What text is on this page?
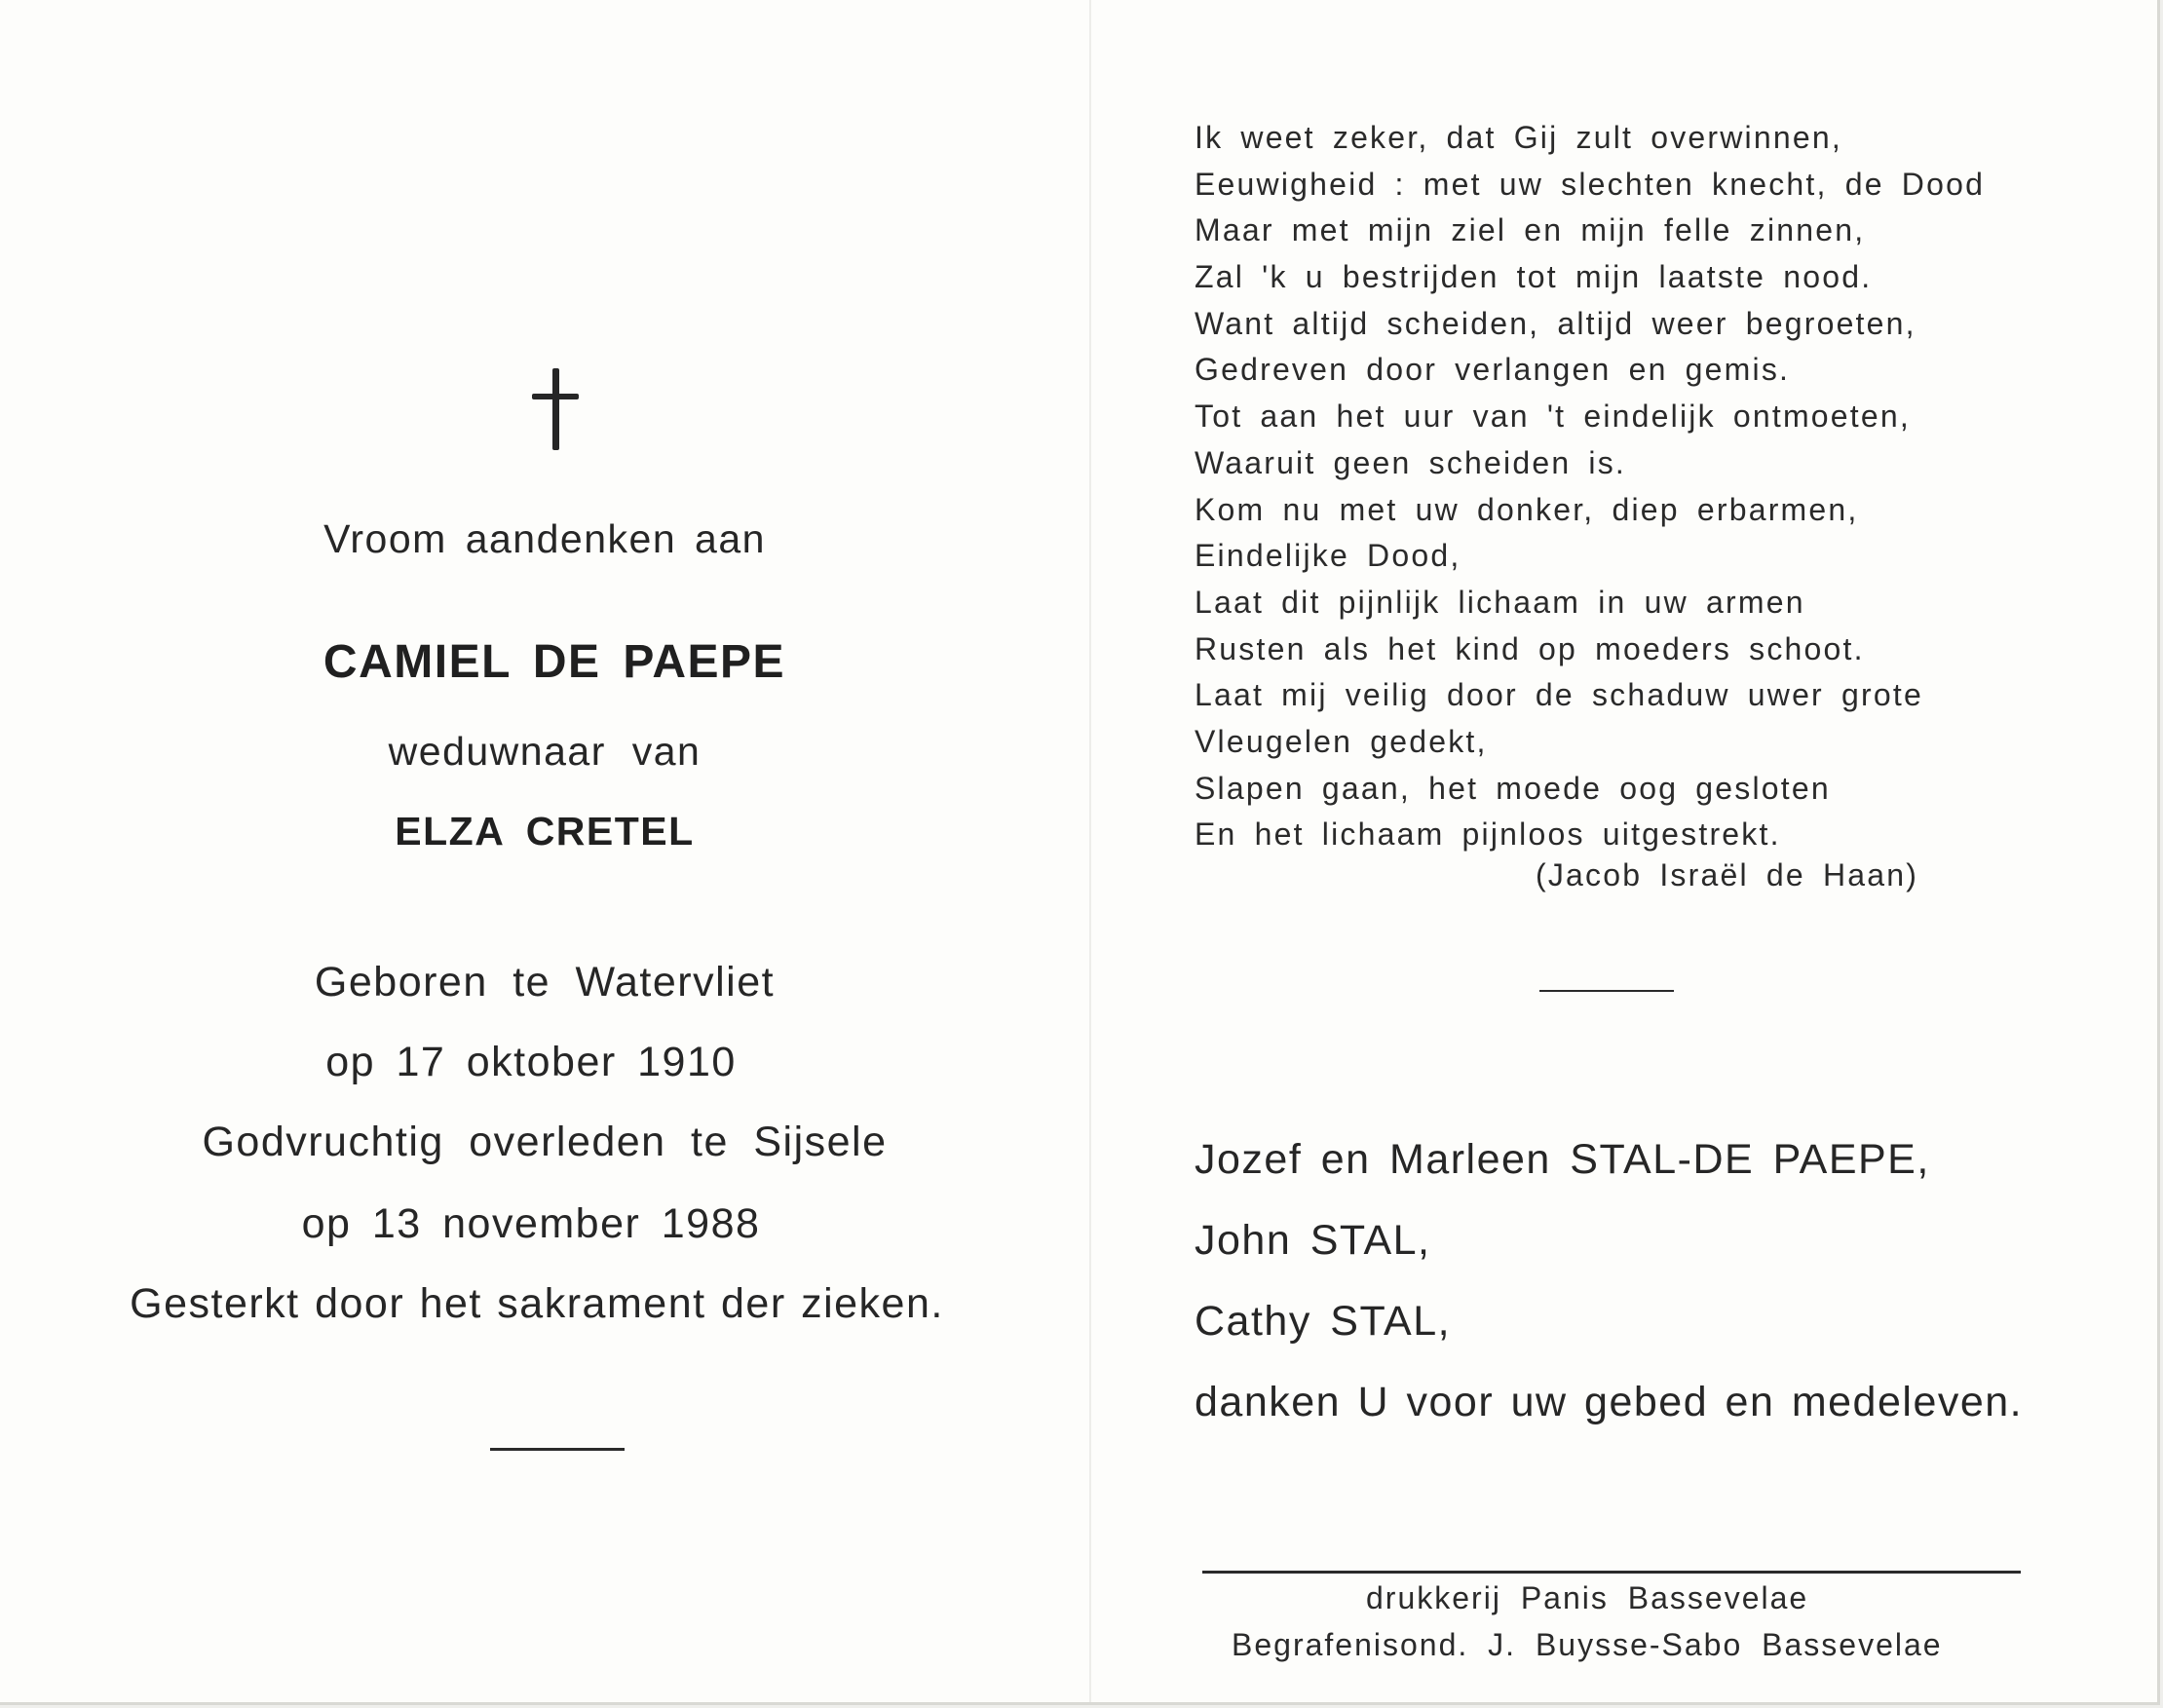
Vroom aandenken aan
CAMIEL DE PAEPE
weduwnaar van
ELZA CRETEL
Geboren te Watervliet
op 17 oktober 1910
Godvruchtig overleden te Sijsele
op 13 november 1988
Gesterkt door het sakrament der zieken.
Ik weet zeker, dat Gij zult overwinnen,
Eeuwigheid : met uw slechten knecht, de Dood
Maar met mijn ziel en mijn felle zinnen,
Zal 'k u bestrijden tot mijn laatste nood.
Want altijd scheiden, altijd weer begroeten,
Gedreven door verlangen en gemis.
Tot aan het uur van 't eindelijk ontmoeten,
Waaruit geen scheiden is.
Kom nu met uw donker, diep erbarmen,
Eindelijke Dood,
Laat dit pijnlijk lichaam in uw armen
Rusten als het kind op moeders schoot.
Laat mij veilig door de schaduw uwer grote
Vleugelen gedekt,
Slapen gaan, het moede oog gesloten
En het lichaam pijnloos uitgestrekt.
(Jacob Israël de Haan)
Jozef en Marleen STAL-DE PAEPE,
John STAL,
Cathy STAL,
danken U voor uw gebed en medeleven.
drukkerij Panis Bassevelae
Begrafenisond. J. Buysse-Sabo Bassevelae
